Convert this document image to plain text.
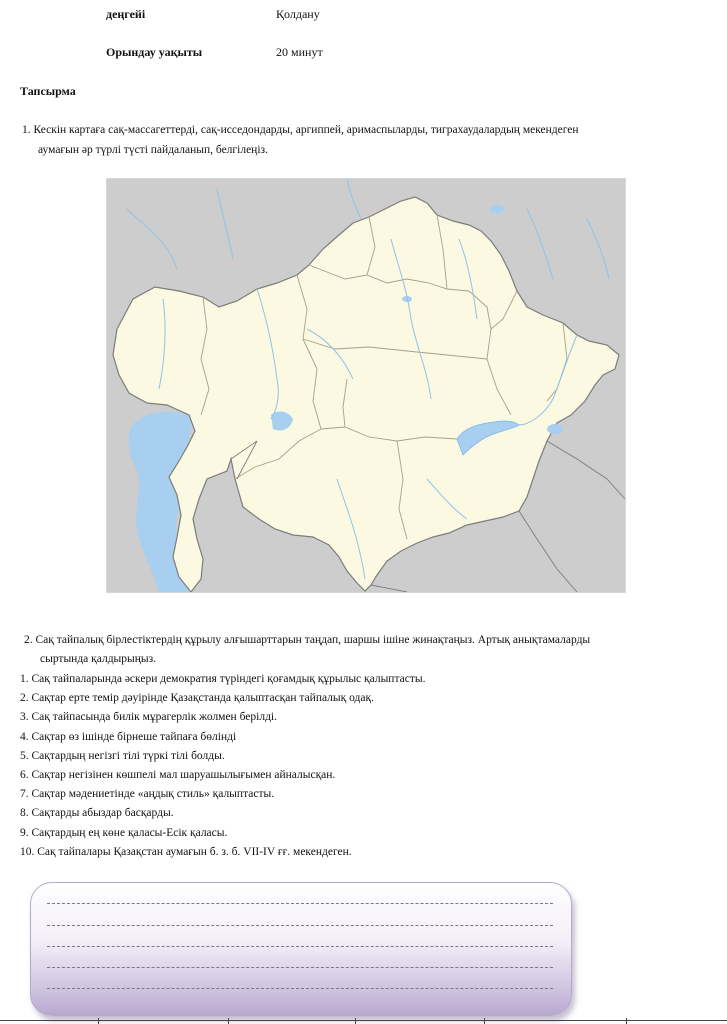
деңгейі	Қолдану
Орындау уақыты	20 минут
Тапсырма
1. Кескін картаға сақ-массагеттерді, сақ-исседондарды, аргиппей, аримаспыларды, тиграхаудалардың мекендеген
аумағын әр түрлі түсті пайдаланып, белгілеңіз.
2. Сақ тайпалық бірлестіктердің құрылу алғышарттарын таңдап, шаршы ішіне жинақтаңыз. Артық анықтамаларды
сыртында қалдырыңыз.
1. Сақ тайпаларында әскери демократия түріндегі қоғамдық құрылыс қалыптасты.
2. Сақтар ерте темір дәуірінде Қазақстанда қалыптасқан тайпалық одақ.
3. Сақ тайпасында билік мұрагерлік жолмен берілді.
4. Сақтар өз ішінде бірнеше тайпаға бөлінді
5. Сақтардың негізгі тілі түркі тілі болды.
6. Сақтар негізінен көшпелі мал шаруашылығымен айналысқан.
7. Сақтар мәдениетінде «аңдық стиль» қалыптасты.
8. Сақтарды абыздар басқарды.
9. Сақтардың ең көне қаласы-Есік қаласы.
10. Сақ тайпалары Қазақстан аумағын б. з. б. VII-IV ғғ. мекендеген.
